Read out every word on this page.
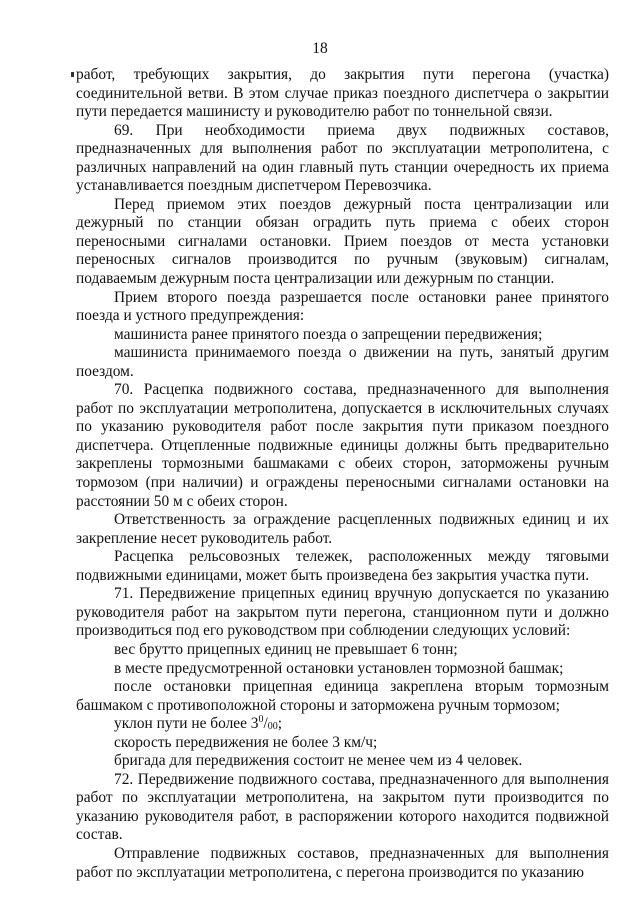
18

работ, требующих закрытия, до закрытия пути перегона (участка) соединительной ветви. В этом случае приказ поездного диспетчера о закрытии пути передается машинисту и руководителю работ по тоннельной связи.

69. При необходимости приема двух подвижных составов, предназначенных для выполнения работ по эксплуатации метрополитена, с различных направлений на один главный путь станции очередность их приема устанавливается поездным диспетчером Перевозчика.

Перед приемом этих поездов дежурный поста централизации или дежурный по станции обязан оградить путь приема с обеих сторон переносными сигналами остановки. Прием поездов от места установки переносных сигналов производится по ручным (звуковым) сигналам, подаваемым дежурным поста централизации или дежурным по станции.

Прием второго поезда разрешается после остановки ранее принятого поезда и устного предупреждения:

машиниста ранее принятого поезда о запрещении передвижения;

машиниста принимаемого поезда о движении на путь, занятый другим поездом.

70. Расцепка подвижного состава, предназначенного для выполнения работ по эксплуатации метрополитена, допускается в исключительных случаях по указанию руководителя работ после закрытия пути приказом поездного диспетчера. Отцепленные подвижные единицы должны быть предварительно закреплены тормозными башмаками с обеих сторон, заторможены ручным тормозом (при наличии) и ограждены переносными сигналами остановки на расстоянии 50 м с обеих сторон.

Ответственность за ограждение расцепленных подвижных единиц и их закрепление несет руководитель работ.

Расцепка рельсовозных тележек, расположенных между тяговыми подвижными единицами, может быть произведена без закрытия участка пути.

71. Передвижение прицепных единиц вручную допускается по указанию руководителя работ на закрытом пути перегона, станционном пути и должно производиться под его руководством при соблюдении следующих условий:

вес брутто прицепных единиц не превышает 6 тонн;

в месте предусмотренной остановки установлен тормозной башмак;

после остановки прицепная единица закреплена вторым тормозным башмаком с противоположной стороны и заторможена ручным тормозом;

уклон пути не более $3^0/_{00}$;

скорость передвижения не более 3 км/ч;

бригада для передвижения состоит не менее чем из 4 человек.

72. Передвижение подвижного состава, предназначенного для выполнения работ по эксплуатации метрополитена, на закрытом пути производится по указанию руководителя работ, в распоряжении которого находится подвижной состав.

Отправление подвижных составов, предназначенных для выполнения работ по эксплуатации метрополитена, с перегона производится по указанию
